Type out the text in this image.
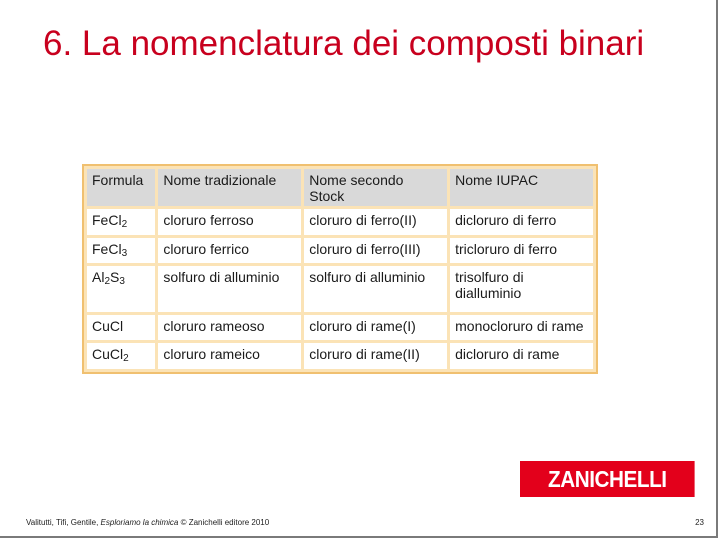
6. La nomenclatura dei composti binari
Formula	Nome tradizionale	Nome secondo Stock	Nome IUPAC
FeCl$_2$	cloruro ferroso	cloruro di ferro(II)	dicloruro di ferro
FeCl$_3$	cloruro ferrico	cloruro di ferro(III)	tricloruro di ferro
$Al_2S_3$	solfuro di alluminio	solfuro di alluminio	trisolfuro di dialluminio
CuCl	cloruro rameoso	cloruro di rame(I)	monocloruro di rame
CuCl$_2$	cloruro rameico	cloruro di rame(II)	dicloruro di rame
ZANICHELLI
Valitutti, Tifi, Gentile, Esploriamo la chimica © Zanichelli editore 2010	23
